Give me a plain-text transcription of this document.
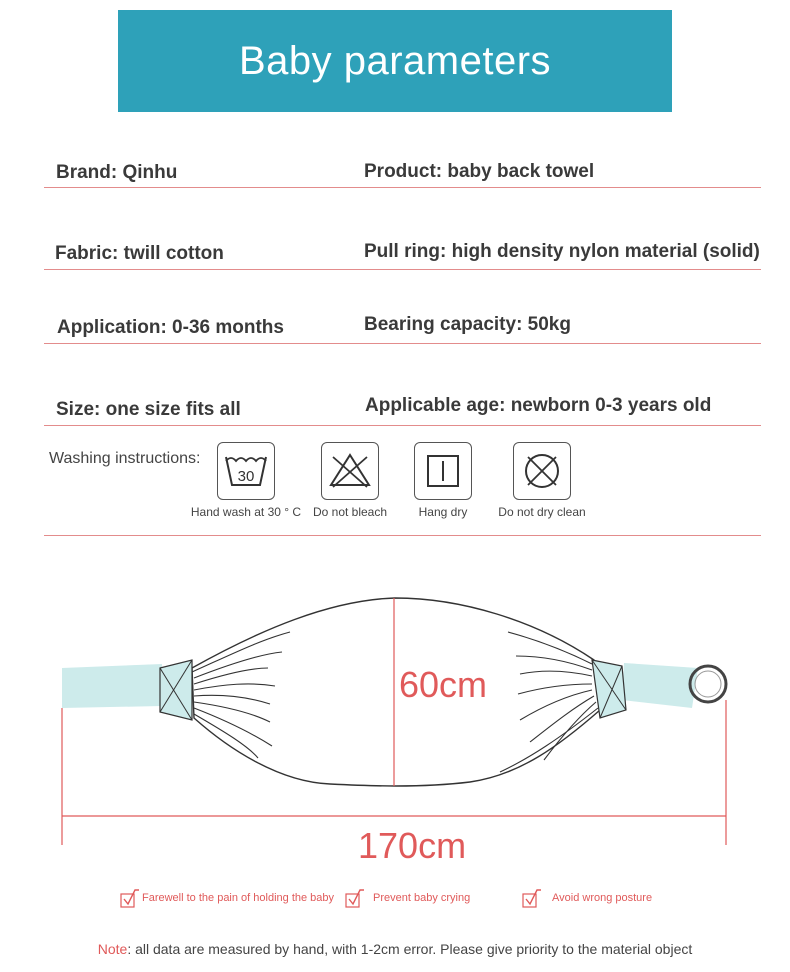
Baby parameters
Brand: Qinhu	Product: baby back towel
Fabric: twill cotton	Pull ring: high density nylon material (solid)
Application: 0-36 months	Bearing capacity: 50kg
Size: one size fits all	Applicable age: newborn 0-3 years old
Washing instructions:
30
Hand wash at 30 ° C Do not bleach	Hang dry	Do not dry clean
60cm
170cm
Farewell to the pain of holding the baby	Prevent baby crying	Avoid wrong posture
Note: all data are measured by hand, with 1-2cm error. Please give priority to the material object
